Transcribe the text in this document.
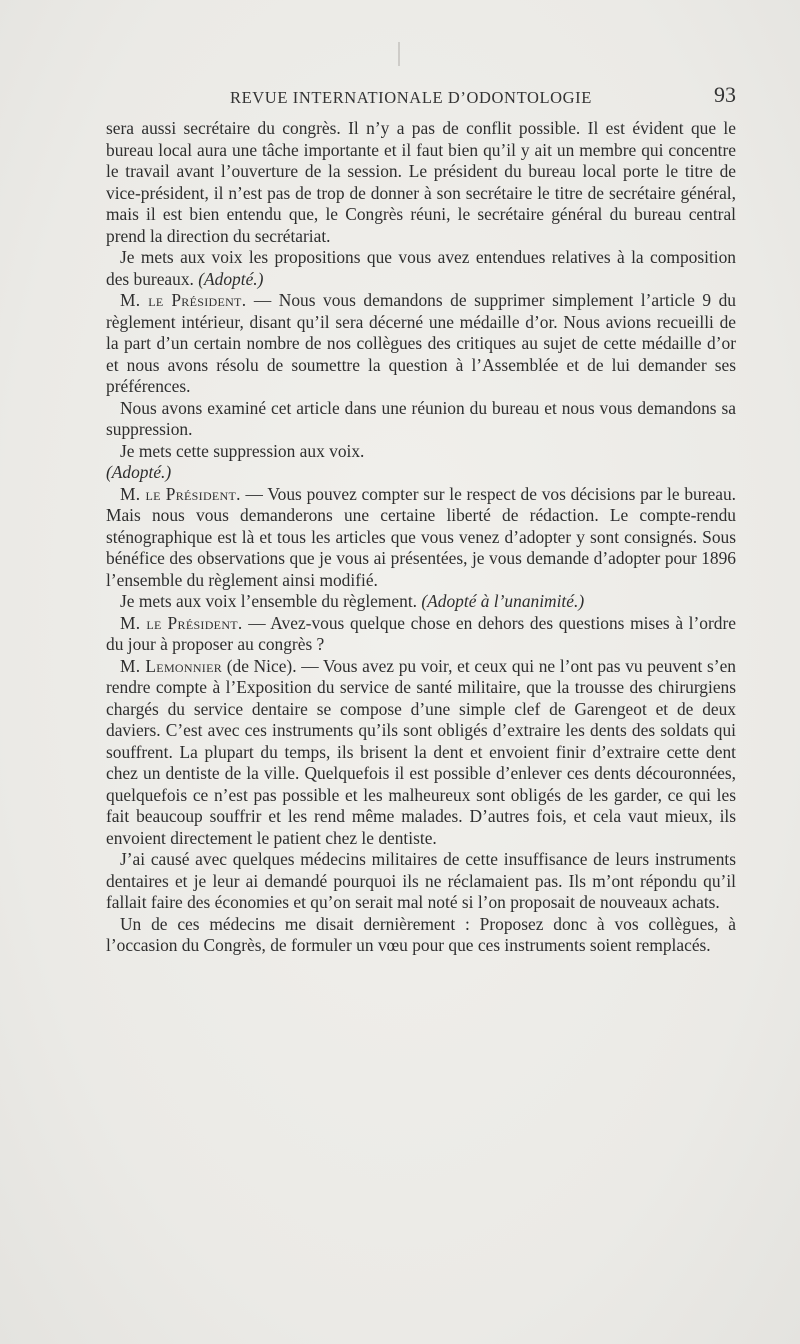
REVUE INTERNATIONALE D’ODONTOLOGIE	93

sera aussi secrétaire du congrès. Il n’y a pas de conflit possible. Il est évident que le bureau local aura une tâche importante et il faut bien qu’il y ait un membre qui concentre le travail avant l’ouverture de la session. Le président du bureau local porte le titre de vice-président, il n’est pas de trop de donner à son secrétaire le titre de secrétaire général, mais il est bien entendu que, le Congrès réuni, le secrétaire général du bureau central prend la direction du secrétariat.

Je mets aux voix les propositions que vous avez entendues relatives à la composition des bureaux. (Adopté.)

M. le Président. — Nous vous demandons de supprimer simplement l’article 9 du règlement intérieur, disant qu’il sera décerné une médaille d’or. Nous avions recueilli de la part d’un certain nombre de nos collègues des critiques au sujet de cette médaille d’or et nous avons résolu de soumettre la question à l’Assemblée et de lui demander ses préférences.

Nous avons examiné cet article dans une réunion du bureau et nous vous demandons sa suppression.

Je mets cette suppression aux voix.

(Adopté.)

M. le Président. — Vous pouvez compter sur le respect de vos décisions par le bureau. Mais nous vous demanderons une certaine liberté de rédaction. Le compte-rendu sténographique est là et tous les articles que vous venez d’adopter y sont consignés. Sous bénéfice des observations que je vous ai présentées, je vous demande d’adopter pour 1896 l’ensemble du règlement ainsi modifié.

Je mets aux voix l’ensemble du règlement. (Adopté à l’unanimité.)

M. le Président. — Avez-vous quelque chose en dehors des questions mises à l’ordre du jour à proposer au congrès ?

M. Lemonnier (de Nice). — Vous avez pu voir, et ceux qui ne l’ont pas vu peuvent s’en rendre compte à l’Exposition du service de santé militaire, que la trousse des chirurgiens chargés du service dentaire se compose d’une simple clef de Garengeot et de deux daviers. C’est avec ces instruments qu’ils sont obligés d’extraire les dents des soldats qui souffrent. La plupart du temps, ils brisent la dent et envoient finir d’extraire cette dent chez un dentiste de la ville. Quelquefois il est possible d’enlever ces dents découronnées, quelquefois ce n’est pas possible et les malheureux sont obligés de les garder, ce qui les fait beaucoup souffrir et les rend même malades. D’autres fois, et cela vaut mieux, ils envoient directement le patient chez le dentiste.

J’ai causé avec quelques médecins militaires de cette insuffisance de leurs instruments dentaires et je leur ai demandé pourquoi ils ne réclamaient pas. Ils m’ont répondu qu’il fallait faire des économies et qu’on serait mal noté si l’on proposait de nouveaux achats.

Un de ces médecins me disait dernièrement : Proposez donc à vos collègues, à l’occasion du Congrès, de formuler un vœu pour que ces instruments soient remplacés.
